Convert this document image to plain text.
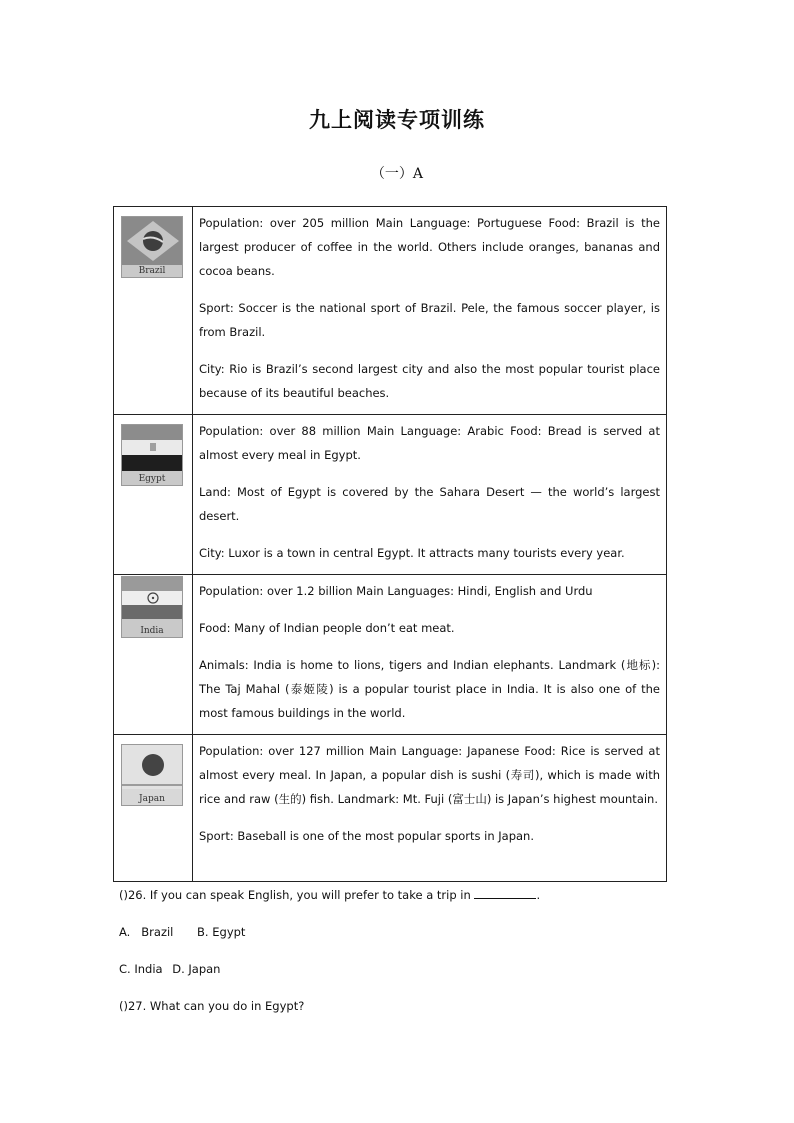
九上阅读专项训练
（一）A
Brazil	Population: over 205 million Main Language: Portuguese Food: Brazil is the largest producer of coffee in the world. Others include oranges, bananas and cocoa beans.

Sport: Soccer is the national sport of Brazil. Pele, the famous soccer player, is from Brazil.

City: Rio is Brazil’s second largest city and also the most popular tourist place because of its beautiful beaches.

Egypt	Population: over 88 million Main Language: Arabic Food: Bread is served at almost every meal in Egypt.

Land: Most of Egypt is covered by the Sahara Desert — the world’s largest desert.

City: Luxor is a town in central Egypt. It attracts many tourists every year.

India	Population: over 1.2 billion Main Languages: Hindi, English and Urdu

Food: Many of Indian people don’t eat meat.

Animals: India is home to lions, tigers and Indian elephants. Landmark (地标): The Taj Mahal (泰姬陵) is a popular tourist place in India. It is also one of the most famous buildings in the world.

Japan	Population: over 127 million Main Language: Japanese Food: Rice is served at almost every meal. In Japan, a popular dish is sushi (寿司), which is made with rice and raw (生的) fish. Landmark: Mt. Fuji (富士山) is Japan’s highest mountain.

Sport: Baseball is one of the most popular sports in Japan.

()26. If you can speak English, you will prefer to take a trip in	.

A.   Brazil B. Egypt

C. India D. Japan

()27. What can you do in Egypt?
